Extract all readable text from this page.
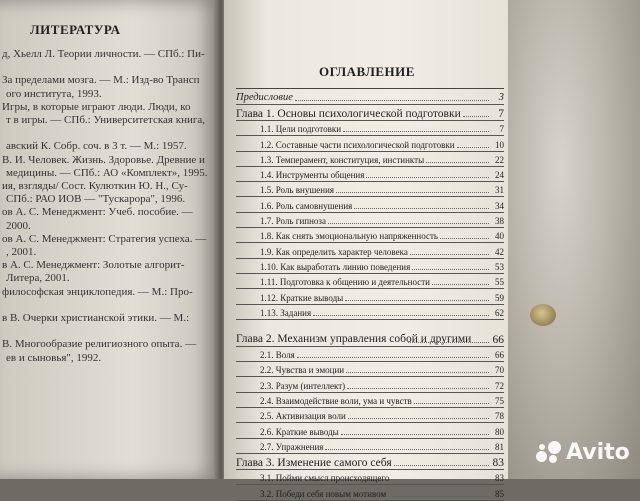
ЛИТЕРАТУРА
д, Хьелл Л. Теории личности. — СПб.: Пи-

За пределами мозга. — М.: Изд-во Трансп
ого института, 1993.
Игры, в которые играют люди. Люди, ко
т в игры. — СПб.: Университетская книга,

авский К. Собр. соч. в 3 т. — М.: 1957.
В. И. Человек. Жизнь. Здоровье. Древние и
медицины. — СПб.: АО «Комплект», 1995.
ия, взгляды/ Сост. Кулюткин Ю. Н., Су-
СПб.: РАО ИОВ — "Тускарора", 1996.
ов А. С. Менеджмент: Учеб. пособие. —
2000.
ов А. С. Менеджмент: Стратегия успеха. —
, 2001.
в А. С. Менеджмент: Золотые алгорит-
Литера, 2001.
философская энциклопедия. — М.: Про-

в В. Очерки христианской этики. — М.:

В. Многообразие религиозного опыта. —
ев и сыновья", 1992.
ОГЛАВЛЕНИЕ
Предисловие	3
Глава 1. Основы психологической подготовки	7
1.1. Цели подготовки	7
1.2. Составные части психологической подготовки	10
1.3. Темперамент, конституция, инстинкты	22
1.4. Инструменты общения	24
1.5. Роль внушения	31
1.6. Роль самовнушения	34
1.7. Роль гипноза	38
1.8. Как снять эмоциональную напряженность	40
1.9. Как определить характер человека	42
1.10. Как выработать линию поведения	53
1.11. Подготовка к общению и деятельности	55
1.12. Краткие выводы	59
1.13. Задания	62
Глава 2. Механизм управления собой и другими	66
2.1. Воля	66
2.2. Чувства и эмоции	70
2.3. Разум (интеллект)	72
2.4. Взаимодействие воли, ума и чувств	75
2.5. Активизация воли	78
2.6. Краткие выводы	80
2.7. Упражнения	81
Глава 3. Изменение самого себя	83
3.1. Пойми смысл происходящего	83
3.2. Победи себя новым мотивом	85
Avito
